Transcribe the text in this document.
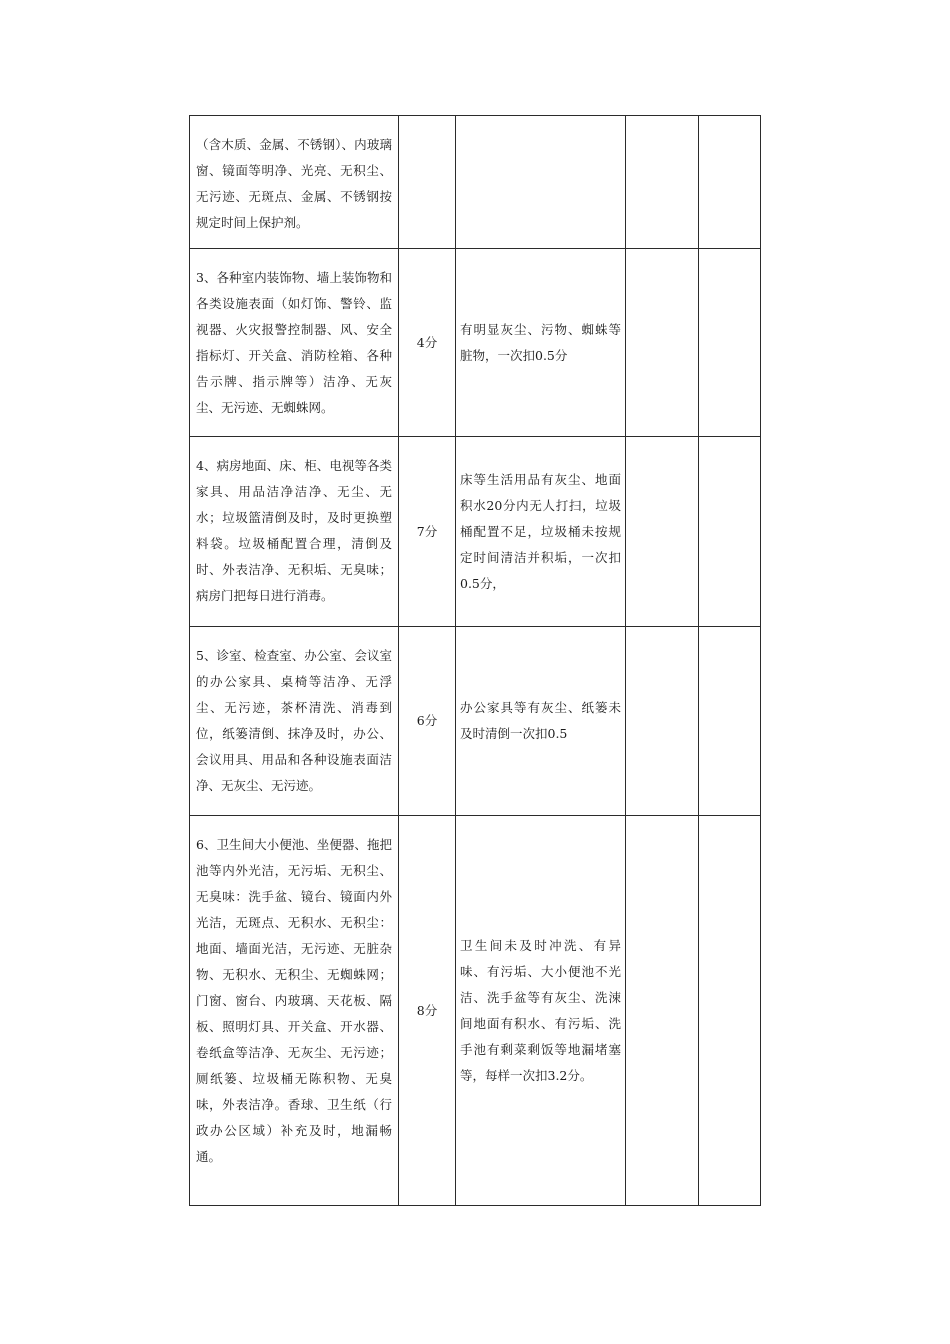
（含木质、金属、不锈钢）、内玻璃窗、镜面等明净、光亮、无积尘、无污迹、无斑点、金属、不锈钢按规定时间上保护剂。				

3、各种室内装饰物、墙上装饰物和各类设施表面（如灯饰、警铃、监视器、火灾报警控制器、风、安全指标灯、开关盒、消防栓箱、各种告示牌、指示牌等）洁净、无灰尘、无污迹、无蜘蛛网。	4分	有明显灰尘、污物、蜘蛛等脏物，一次扣0.5分		

4、病房地面、床、柜、电视等各类家具、用品洁净洁净、无尘、无水；垃圾篮清倒及时，及时更换塑料袋。垃圾桶配置合理，清倒及时、外表洁净、无积垢、无臭味；病房门把每日进行消毒。	7分	床等生活用品有灰尘、地面积水20分内无人打扫，垃圾桶配置不足，垃圾桶未按规定时间清洁并积垢，一次扣0.5分，		

5、诊室、检查室、办公室、会议室的办公家具、桌椅等洁净、无浮尘、无污迹，茶杯清洗、消毒到位，纸篓清倒、抹净及时，办公、会议用具、用品和各种设施表面洁净、无灰尘、无污迹。	6分	办公家具等有灰尘、纸篓未及时清倒一次扣0.5		

6、卫生间大小便池、坐便器、拖把池等内外光洁，无污垢、无积尘、无臭味：洗手盆、镜台、镜面内外光洁，无斑点、无积水、无积尘：地面、墙面光洁，无污迹、无脏杂物、无积水、无积尘、无蜘蛛网；门窗、窗台、内玻璃、天花板、隔板、照明灯具、开关盒、开水器、卷纸盒等洁净、无灰尘、无污迹；厕纸篓、垃圾桶无陈积物、无臭味，外表洁净。香球、卫生纸（行政办公区域）补充及时，地漏畅通。	8分	卫生间未及时冲洗、有异味、有污垢、大小便池不光洁、洗手盆等有灰尘、洗涑间地面有积水、有污垢、洗手池有剩菜剩饭等地漏堵塞等，每样一次扣3.2分。		
